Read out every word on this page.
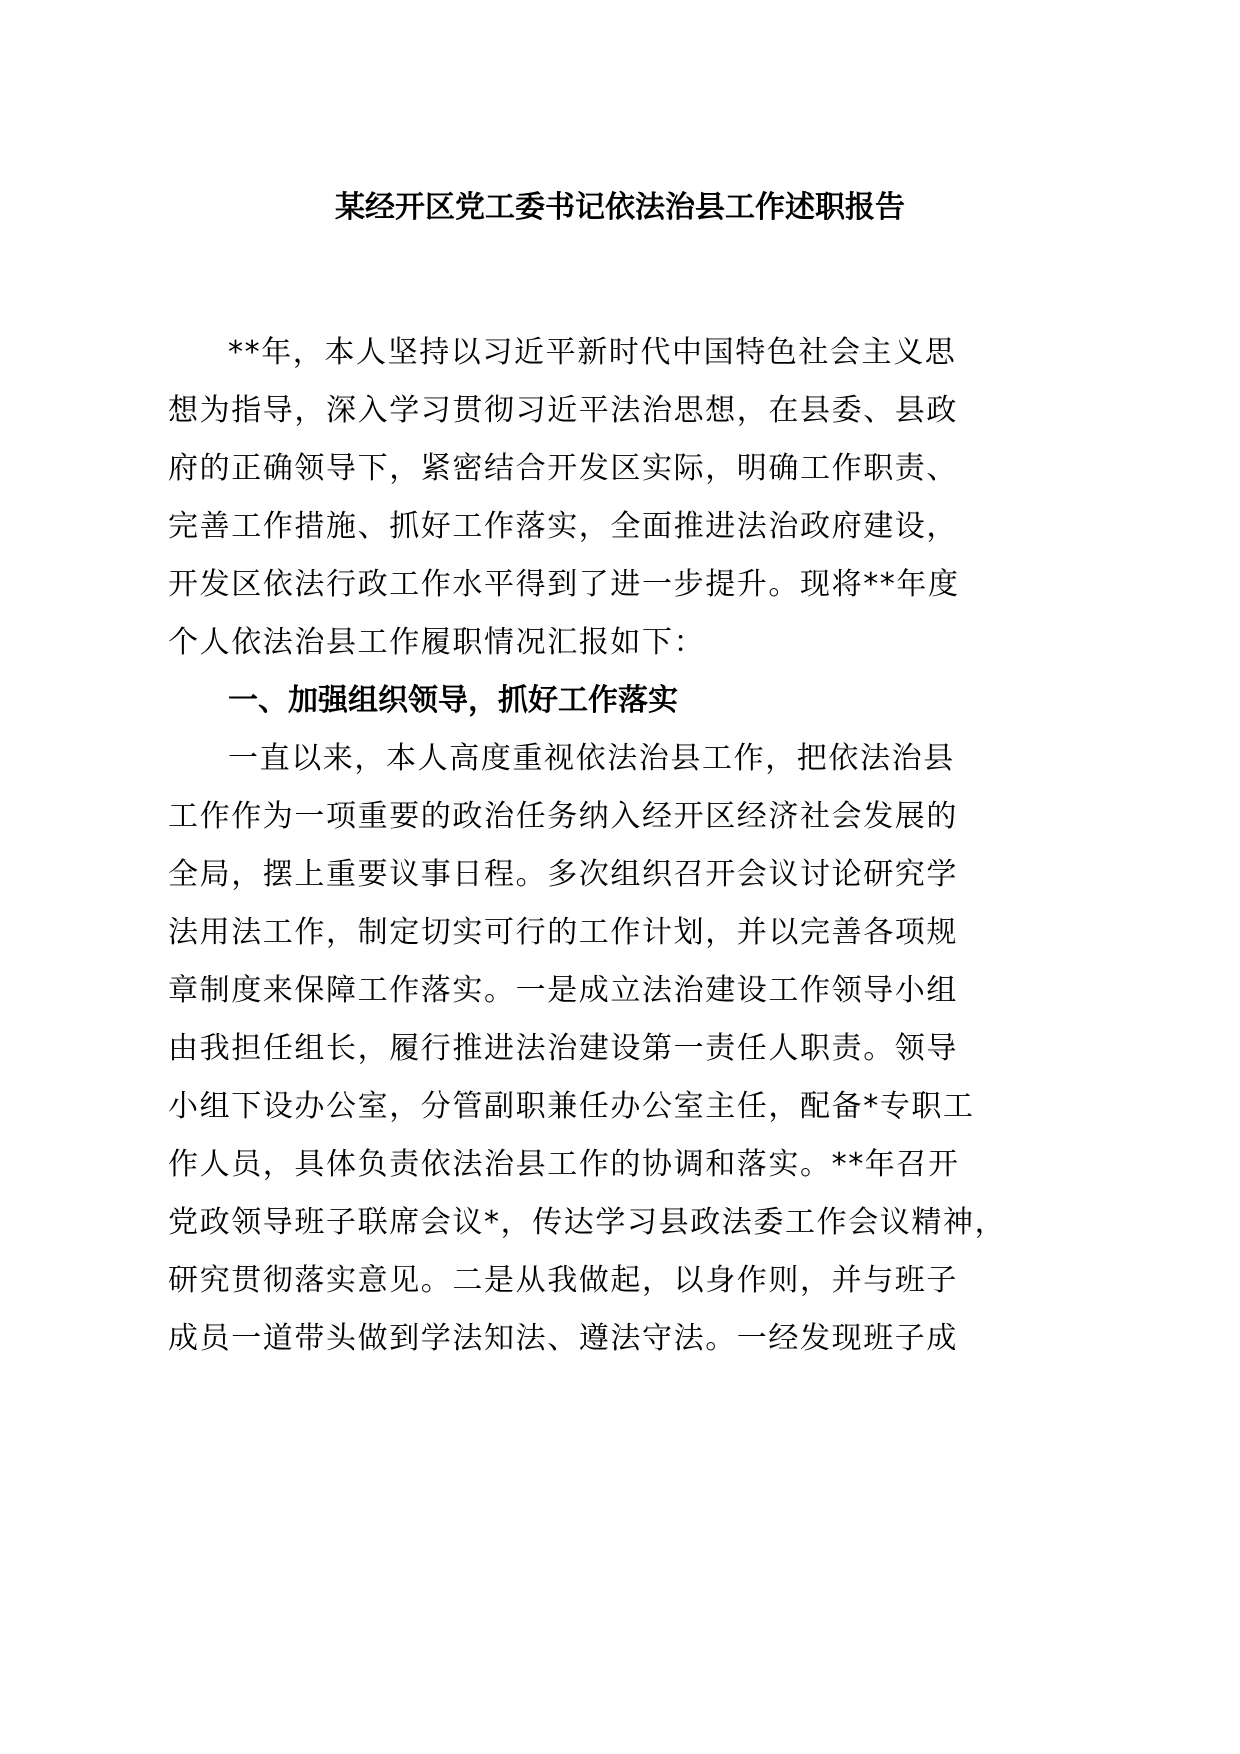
某经开区党工委书记依法治县工作述职报告
**年，本人坚持以习近平新时代中国特色社会主义思
想为指导，深入学习贯彻习近平法治思想，在县委、县政
府的正确领导下，紧密结合开发区实际，明确工作职责、
完善工作措施、抓好工作落实，全面推进法治政府建设，
开发区依法行政工作水平得到了进一步提升。现将**年度
个人依法治县工作履职情况汇报如下：
一、加强组织领导，抓好工作落实
一直以来，本人高度重视依法治县工作，把依法治县
工作作为一项重要的政治任务纳入经开区经济社会发展的
全局，摆上重要议事日程。多次组织召开会议讨论研究学
法用法工作，制定切实可行的工作计划，并以完善各项规
章制度来保障工作落实。一是成立法治建设工作领导小组
由我担任组长，履行推进法治建设第一责任人职责。领导
小组下设办公室，分管副职兼任办公室主任，配备*专职工
作人员，具体负责依法治县工作的协调和落实。**年召开
党政领导班子联席会议*，传达学习县政法委工作会议精神，
研究贯彻落实意见。二是从我做起，以身作则，并与班子
成员一道带头做到学法知法、遵法守法。一经发现班子成
